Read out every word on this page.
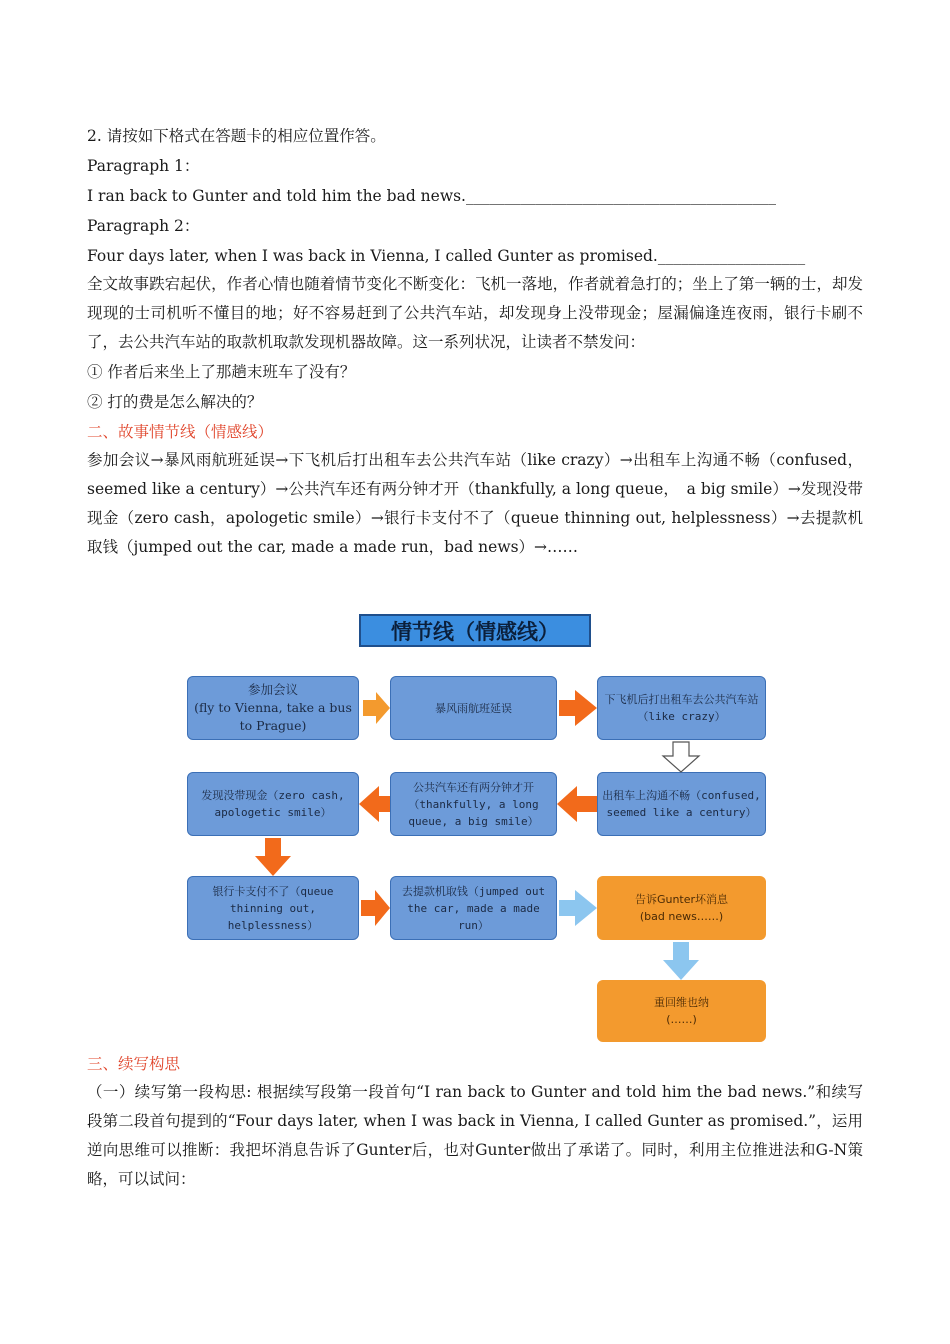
2. 请按如下格式在答题卡的相应位置作答。
Paragraph 1：
I ran back to Gunter and told him the bad news.________________________________________
Paragraph 2：
Four days later, when I was back in Vienna, I called Gunter as promised.___________________
全文故事跌宕起伏，作者心情也随着情节变化不断变化：飞机一落地，作者就着急打的；坐上了第一辆的士，却发现现的士司机听不懂目的地；好不容易赶到了公共汽车站，却发现身上没带现金；屋漏偏逢连夜雨，银行卡刷不了，去公共汽车站的取款机取款发现机器故障。这一系列状况，让读者不禁发问：
① 作者后来坐上了那趟末班车了没有？
② 打的费是怎么解决的？
二、故事情节线（情感线）
参加会议→暴风雨航班延误→下飞机后打出租车去公共汽车站（like crazy）→出租车上沟通不畅（confused，seemed like a century）→公共汽车还有两分钟才开（thankfully, a long queue，　a big smile）→发现没带现金（zero cash，apologetic smile）→银行卡支付不了（queue thinning out, helplessness）→去提款机取钱（jumped out the car, made a made run，bad news）→……
情节线（情感线）
参加会议
(fly to Vienna, take a bus to Prague)
暴风雨航班延误
下飞机后打出租车去公共汽车站（like crazy）
发现没带现金（zero cash, apologetic smile）
公共汽车还有两分钟才开（thankfully, a long queue, a big smile）
出租车上沟通不畅（confused, seemed like a century）
银行卡支付不了（queue thinning out, helplessness）
去提款机取钱（jumped out the car, made a made run）
告诉Gunter坏消息
(bad news……)
重回维也纳
(……)
三、续写构思
（一）续写第一段构思: 根据续写段第一段首句“I ran back to Gunter and told him the bad news.”和续写段第二段首句提到的“Four days later, when I was back in Vienna, I called Gunter as promised.”，运用逆向思维可以推断：我把坏消息告诉了Gunter后，也对Gunter做出了承诺了。同时，利用主位推进法和G-N策略，可以试问：
